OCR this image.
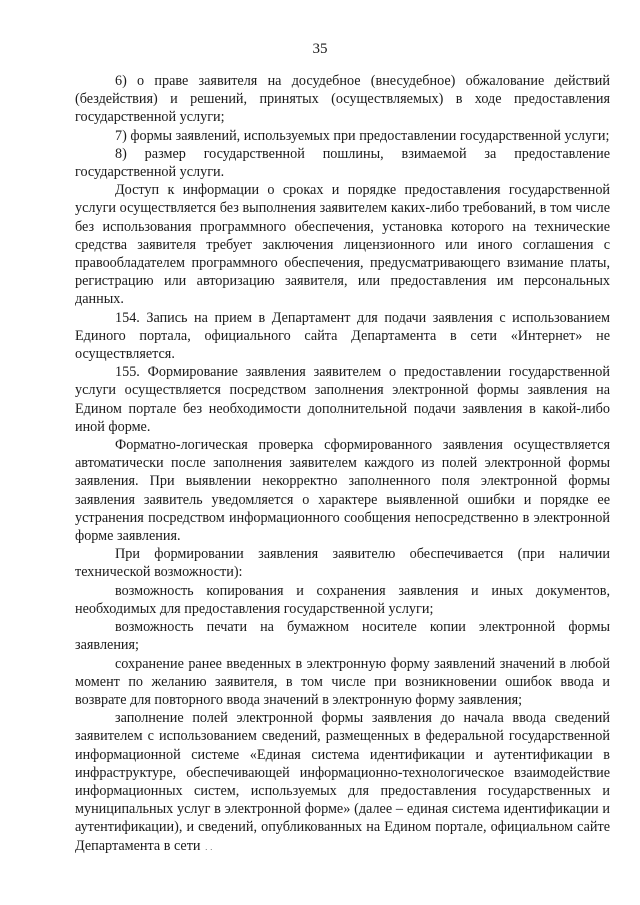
35

6) о праве заявителя на досудебное (внесудебное) обжалование действий (бездействия) и решений, принятых (осуществляемых) в ходе предоставления государственной услуги;

7) формы заявлений, используемых при предоставлении государственной услуги;

8) размер государственной пошлины, взимаемой за предоставление государственной услуги.

Доступ к информации о сроках и порядке предоставления государственной услуги осуществляется без выполнения заявителем каких-либо требований, в том числе без использования программного обеспечения, установка которого на технические средства заявителя требует заключения лицензионного или иного соглашения с правообладателем программного обеспечения, предусматривающего взимание платы, регистрацию или авторизацию заявителя, или предоставления им персональных данных.

154. Запись на прием в Департамент для подачи заявления с использованием Единого портала, официального сайта Департамента в сети «Интернет» не осуществляется.

155. Формирование заявления заявителем о предоставлении государственной услуги осуществляется посредством заполнения электронной формы заявления на Едином портале без необходимости дополнительной подачи заявления в какой-либо иной форме.

Форматно-логическая проверка сформированного заявления осуществляется автоматически после заполнения заявителем каждого из полей электронной формы заявления. При выявлении некорректно заполненного поля электронной формы заявления заявитель уведомляется о характере выявленной ошибки и порядке ее устранения посредством информационного сообщения непосредственно в электронной форме заявления.

При формировании заявления заявителю обеспечивается (при наличии технической возможности):

возможность копирования и сохранения заявления и иных документов, необходимых для предоставления государственной услуги;

возможность печати на бумажном носителе копии электронной формы заявления;

сохранение ранее введенных в электронную форму заявлений значений в любой момент по желанию заявителя, в том числе при возникновении ошибок ввода и возврате для повторного ввода значений в электронную форму заявления;

заполнение полей электронной формы заявления до начала ввода сведений заявителем с использованием сведений, размещенных в федеральной государственной информационной системе «Единая система идентификации и аутентификации в инфраструктуре, обеспечивающей информационно-технологическое взаимодействие информационных систем, используемых для предоставления государственных и муниципальных услуг в электронной форме» (далее – единая система идентификации и аутентификации), и сведений, опубликованных на Едином портале, официальном сайте Департамента в сети . .
